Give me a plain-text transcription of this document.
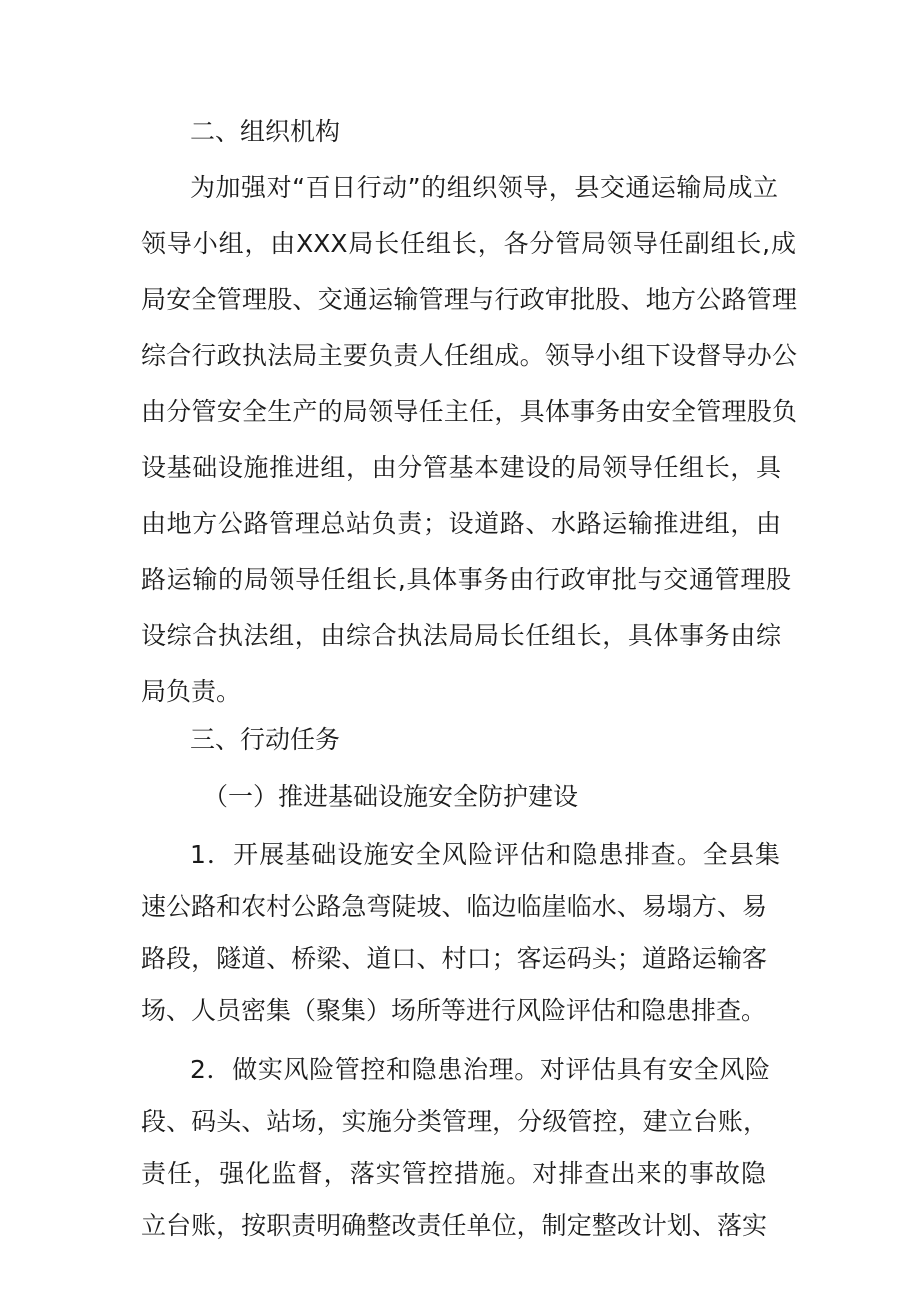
二、组织机构
为加强对“百日行动”的组织领导，县交通运输局成立
领导小组，由XXX局长任组长，各分管局领导任副组长,成
局安全管理股、交通运输管理与行政审批股、地方公路管理
综合行政执法局主要负责人任组成。领导小组下设督导办公
由分管安全生产的局领导任主任，具体事务由安全管理股负
设基础设施推进组，由分管基本建设的局领导任组长，具
由地方公路管理总站负责；设道路、水路运输推进组，由
路运输的局领导任组长,具体事务由行政审批与交通管理股
设综合执法组，由综合执法局局长任组长，具体事务由综
局负责。
三、行动任务
（一）推进基础设施安全防护建设
1．开展基础设施安全风险评估和隐患排查。全县集
速公路和农村公路急弯陡坡、临边临崖临水、易塌方、易
路段，隧道、桥梁、道口、村口；客运码头；道路运输客
场、人员密集（聚集）场所等进行风险评估和隐患排查。
2．做实风险管控和隐患治理。对评估具有安全风险
段、码头、站场，实施分类管理，分级管控，建立台账，
责任，强化监督，落实管控措施。对排查出来的事故隐
立台账，按职责明确整改责任单位，制定整改计划、落实
